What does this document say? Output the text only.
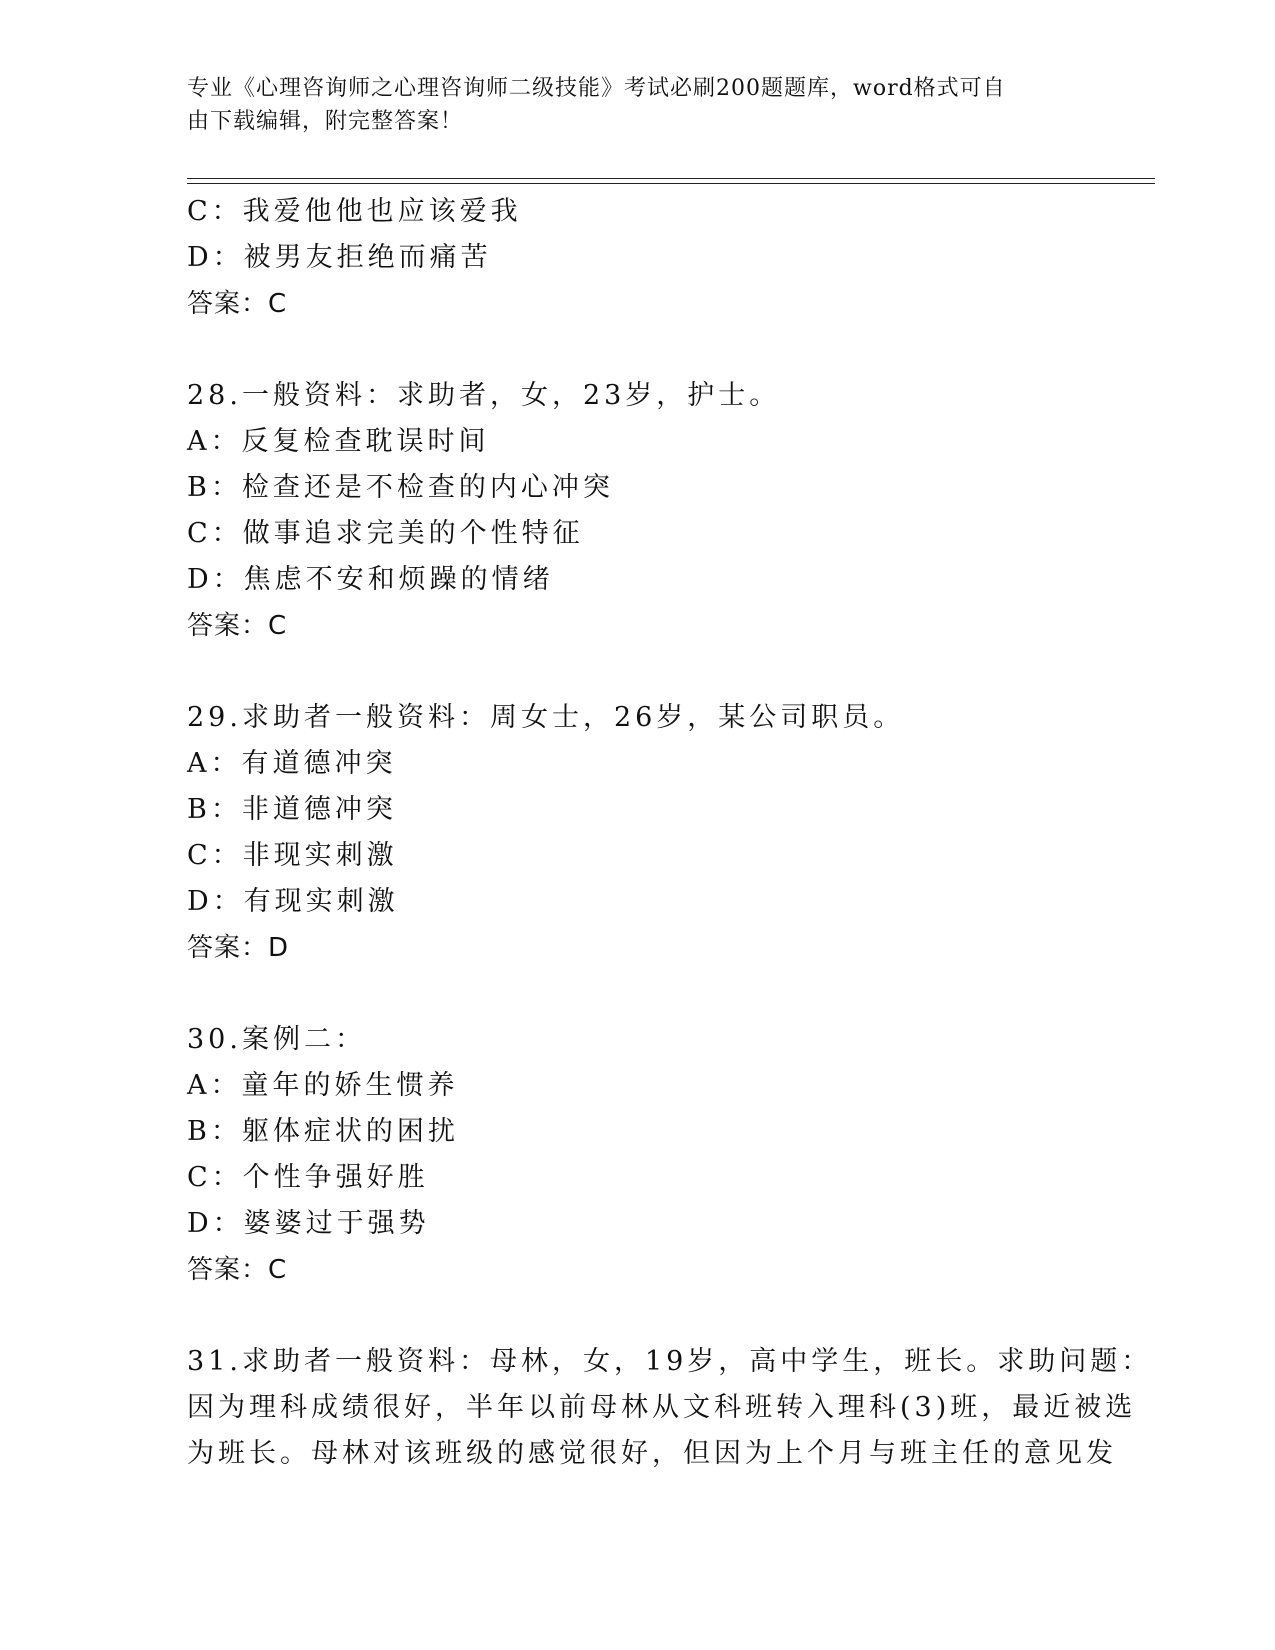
专业《心理咨询师之心理咨询师二级技能》考试必刷200题题库，word格式可自
由下载编辑，附完整答案！
C：我爱他他也应该爱我
D：被男友拒绝而痛苦
答案：C
28.一般资料：求助者，女，23岁，护士。
A：反复检查耽误时间
B：检查还是不检查的内心冲突
C：做事追求完美的个性特征
D：焦虑不安和烦躁的情绪
答案：C
29.求助者一般资料：周女士，26岁，某公司职员。
A：有道德冲突
B：非道德冲突
C：非现实刺激
D：有现实刺激
答案：D
30.案例二：
A：童年的娇生惯养
B：躯体症状的困扰
C：个性争强好胜
D：婆婆过于强势
答案：C
31.求助者一般资料：母林，女，19岁，高中学生，班长。求助问题：
因为理科成绩很好，半年以前母林从文科班转入理科(3)班，最近被选
为班长。母林对该班级的感觉很好，但因为上个月与班主任的意见发
